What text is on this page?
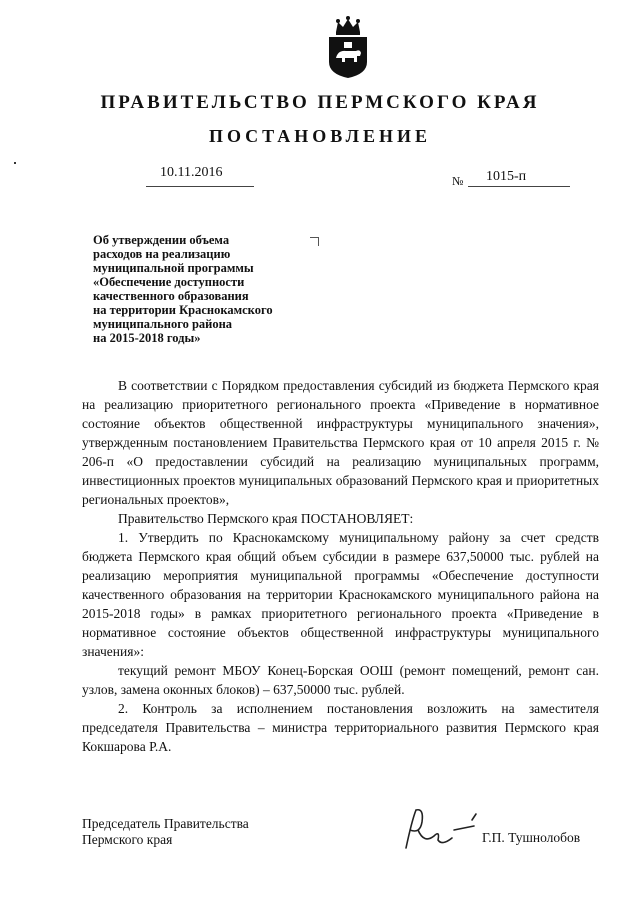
ПРАВИТЕЛЬСТВО ПЕРМСКОГО КРАЯ
ПОСТАНОВЛЕНИЕ
10.11.2016
№ 1015-п
Об утверждении объема
расходов на реализацию
муниципальной программы
«Обеспечение доступности
качественного образования
на территории Краснокамского
муниципального района
на 2015-2018 годы»

В соответствии с Порядком предоставления субсидий из бюджета Пермского края на реализацию приоритетного регионального проекта «Приведение в нормативное состояние объектов общественной инфраструктуры муниципального значения», утвержденным постановлением Правительства Пермского края от 10 апреля 2015 г. № 206-п «О предоставлении субсидий на реализацию муниципальных программ, инвестиционных проектов муниципальных образований Пермского края и приоритетных региональных проектов»,

Правительство Пермского края ПОСТАНОВЛЯЕТ:

1. Утвердить по Краснокамскому муниципальному району за счет средств бюджета Пермского края общий объем субсидии в размере 637,50000 тыс. рублей на реализацию мероприятия муниципальной программы «Обеспечение доступности качественного образования на территории Краснокамского муниципального района на 2015-2018 годы» в рамках приоритетного регионального проекта «Приведение в нормативное состояние объектов общественной инфраструктуры муниципального значения»:

текущий ремонт МБОУ Конец-Борская ООШ (ремонт помещений, ремонт сан. узлов, замена оконных блоков) – 637,50000 тыс. рублей.

2. Контроль за исполнением постановления возложить на заместителя председателя Правительства – министра территориального развития Пермского края Кокшарова Р.А.

Председатель Правительства
Пермского края	Г.П. Тушнолобов
